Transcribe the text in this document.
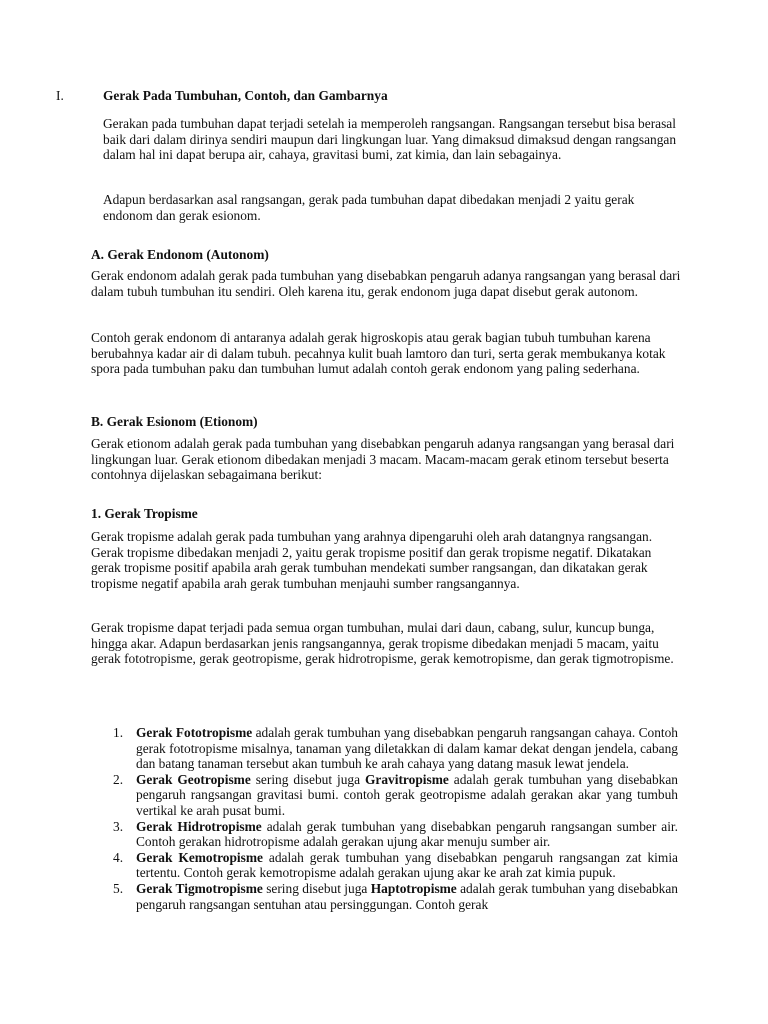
I.	Gerak Pada Tumbuhan, Contoh, dan Gambarnya

Gerakan pada tumbuhan dapat terjadi setelah ia memperoleh rangsangan. Rangsangan tersebut bisa berasal baik dari dalam dirinya sendiri maupun dari lingkungan luar. Yang dimaksud dimaksud dengan rangsangan dalam hal ini dapat berupa air, cahaya, gravitasi bumi, zat kimia, dan lain sebagainya.

Adapun berdasarkan asal rangsangan, gerak pada tumbuhan dapat dibedakan menjadi 2 yaitu gerak endonom dan gerak esionom.

A. Gerak Endonom (Autonom)

Gerak endonom adalah gerak pada tumbuhan yang disebabkan pengaruh adanya rangsangan yang berasal dari dalam tubuh tumbuhan itu sendiri. Oleh karena itu, gerak endonom juga dapat disebut gerak autonom.

Contoh gerak endonom di antaranya adalah gerak higroskopis atau gerak bagian tubuh tumbuhan karena berubahnya kadar air di dalam tubuh. pecahnya kulit buah lamtoro dan turi, serta gerak membukanya kotak spora pada tumbuhan paku dan tumbuhan lumut adalah contoh gerak endonom yang paling sederhana.

B. Gerak Esionom (Etionom)

Gerak etionom adalah gerak pada tumbuhan yang disebabkan pengaruh adanya rangsangan yang berasal dari lingkungan luar. Gerak etionom dibedakan menjadi 3 macam. Macam-macam gerak etinom tersebut beserta contohnya dijelaskan sebagaimana berikut:

1. Gerak Tropisme

Gerak tropisme adalah gerak pada tumbuhan yang arahnya dipengaruhi oleh arah datangnya rangsangan. Gerak tropisme dibedakan menjadi 2, yaitu gerak tropisme positif dan gerak tropisme negatif. Dikatakan gerak tropisme positif apabila arah gerak tumbuhan mendekati sumber rangsangan, dan dikatakan gerak tropisme negatif apabila arah gerak tumbuhan menjauhi sumber rangsangannya.

Gerak tropisme dapat terjadi pada semua organ tumbuhan, mulai dari daun, cabang, sulur, kuncup bunga, hingga akar. Adapun berdasarkan jenis rangsangannya, gerak tropisme dibedakan menjadi 5 macam, yaitu gerak fototropisme, gerak geotropisme, gerak hidrotropisme, gerak kemotropisme, dan gerak tigmotropisme.

1. Gerak Fototropisme adalah gerak tumbuhan yang disebabkan pengaruh rangsangan cahaya. Contoh gerak fototropisme misalnya, tanaman yang diletakkan di dalam kamar dekat dengan jendela, cabang dan batang tanaman tersebut akan tumbuh ke arah cahaya yang datang masuk lewat jendela.
2. Gerak Geotropisme sering disebut juga Gravitropisme adalah gerak tumbuhan yang disebabkan pengaruh rangsangan gravitasi bumi. contoh gerak geotropisme adalah gerakan akar yang tumbuh vertikal ke arah pusat bumi.
3. Gerak Hidrotropisme adalah gerak tumbuhan yang disebabkan pengaruh rangsangan sumber air. Contoh gerakan hidrotropisme adalah gerakan ujung akar menuju sumber air.
4. Gerak Kemotropisme adalah gerak tumbuhan yang disebabkan pengaruh rangsangan zat kimia tertentu. Contoh gerak kemotropisme adalah gerakan ujung akar ke arah zat kimia pupuk.
5. Gerak Tigmotropisme sering disebut juga Haptotropisme adalah gerak tumbuhan yang disebabkan pengaruh rangsangan sentuhan atau persinggungan. Contoh gerak
